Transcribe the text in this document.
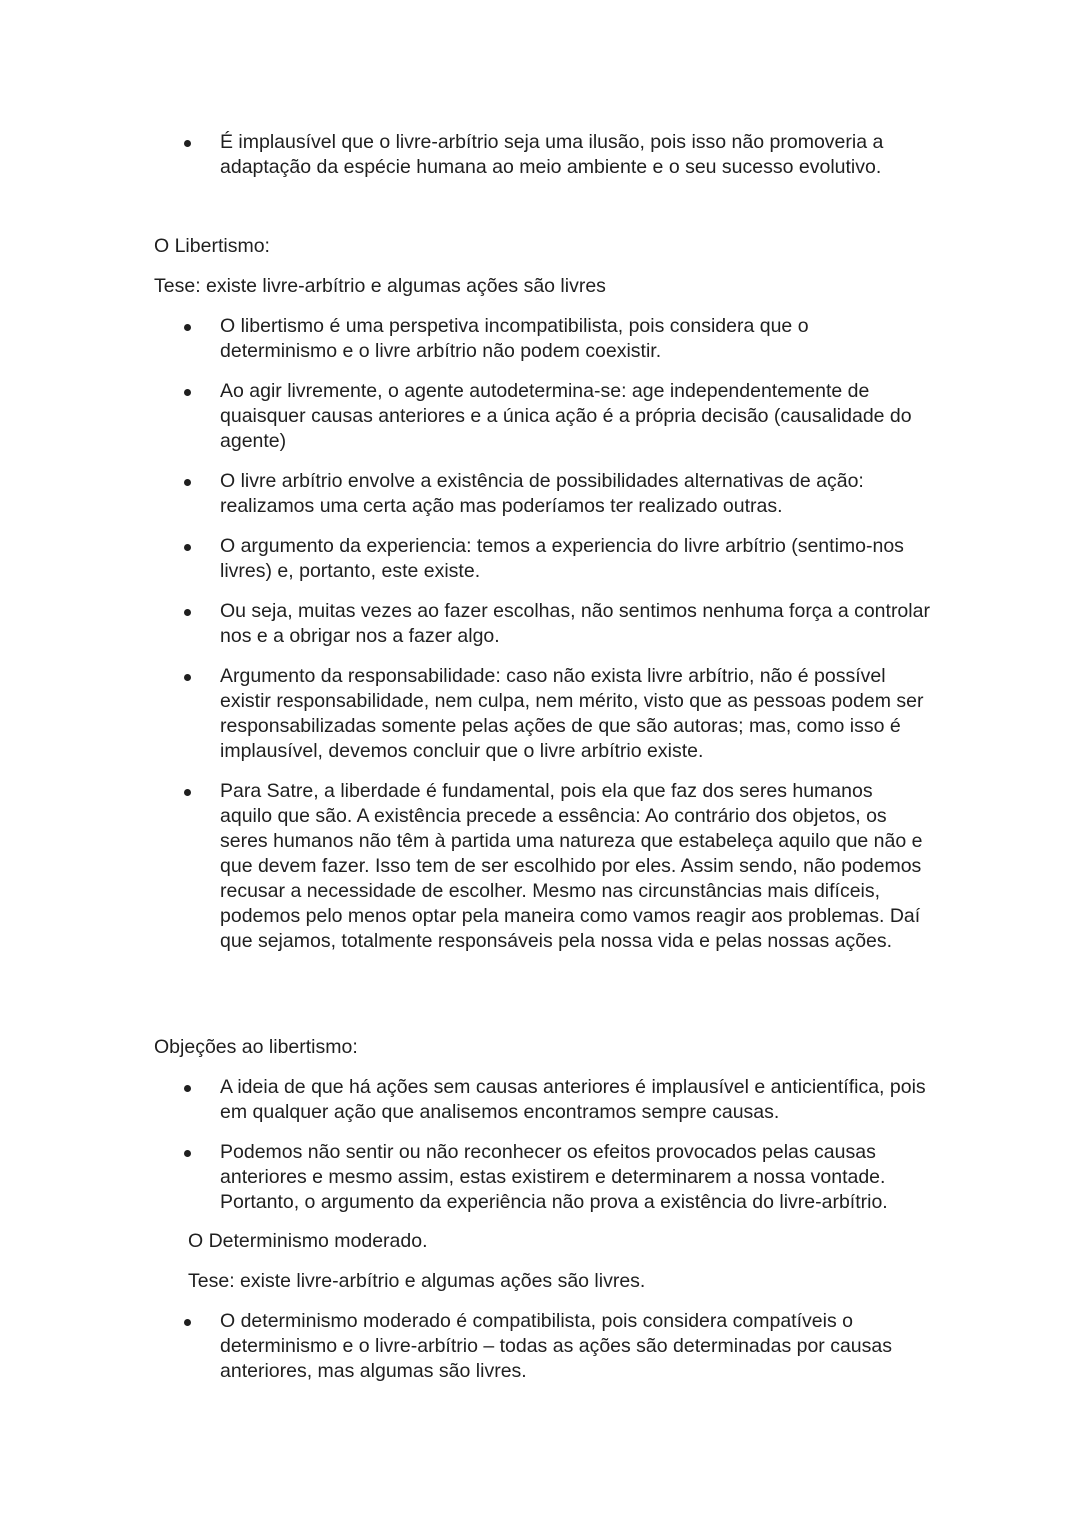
É implausível que o livre-arbítrio seja uma ilusão, pois isso não promoveria a adaptação da espécie humana ao meio ambiente e o seu sucesso evolutivo.

O Libertismo:

Tese: existe livre-arbítrio e algumas ações são livres

O libertismo é uma perspetiva incompatibilista, pois considera que o determinismo e o livre arbítrio não podem coexistir.
Ao agir livremente, o agente autodetermina-se: age independentemente de quaisquer causas anteriores e a única ação é a própria decisão (causalidade do agente)
O livre arbítrio envolve a existência de possibilidades alternativas de ação: realizamos uma certa ação mas poderíamos ter realizado outras.
O argumento da experiencia: temos a experiencia do livre arbítrio (sentimo-nos livres) e, portanto, este existe.
Ou seja, muitas vezes ao fazer escolhas, não sentimos nenhuma força a controlar nos e a obrigar nos a fazer algo.
Argumento da responsabilidade: caso não exista livre arbítrio, não é possível existir responsabilidade, nem culpa, nem mérito, visto que as pessoas podem ser responsabilizadas somente pelas ações de que são autoras; mas, como isso é implausível, devemos concluir que o livre arbítrio existe.
Para Satre, a liberdade é fundamental, pois ela que faz dos seres humanos aquilo que são. A existência precede a essência: Ao contrário dos objetos, os seres humanos não têm à partida uma natureza que estabeleça aquilo que não e que devem fazer. Isso tem de ser escolhido por eles. Assim sendo, não podemos recusar a necessidade de escolher. Mesmo nas circunstâncias mais difíceis, podemos pelo menos optar pela maneira como vamos reagir aos problemas. Daí que sejamos, totalmente responsáveis pela nossa vida e pelas nossas ações.

Objeções ao libertismo:

A ideia de que há ações sem causas anteriores é implausível e anticientífica, pois em qualquer ação que analisemos encontramos sempre causas.
Podemos não sentir ou não reconhecer os efeitos provocados pelas causas anteriores e mesmo assim, estas existirem e determinarem a nossa vontade. Portanto, o argumento da experiência não prova a existência do livre-arbítrio.

O Determinismo moderado.

Tese: existe livre-arbítrio e algumas ações são livres.

O determinismo moderado é compatibilista, pois considera compatíveis o determinismo e o livre-arbítrio – todas as ações são determinadas por causas anteriores, mas algumas são livres.
